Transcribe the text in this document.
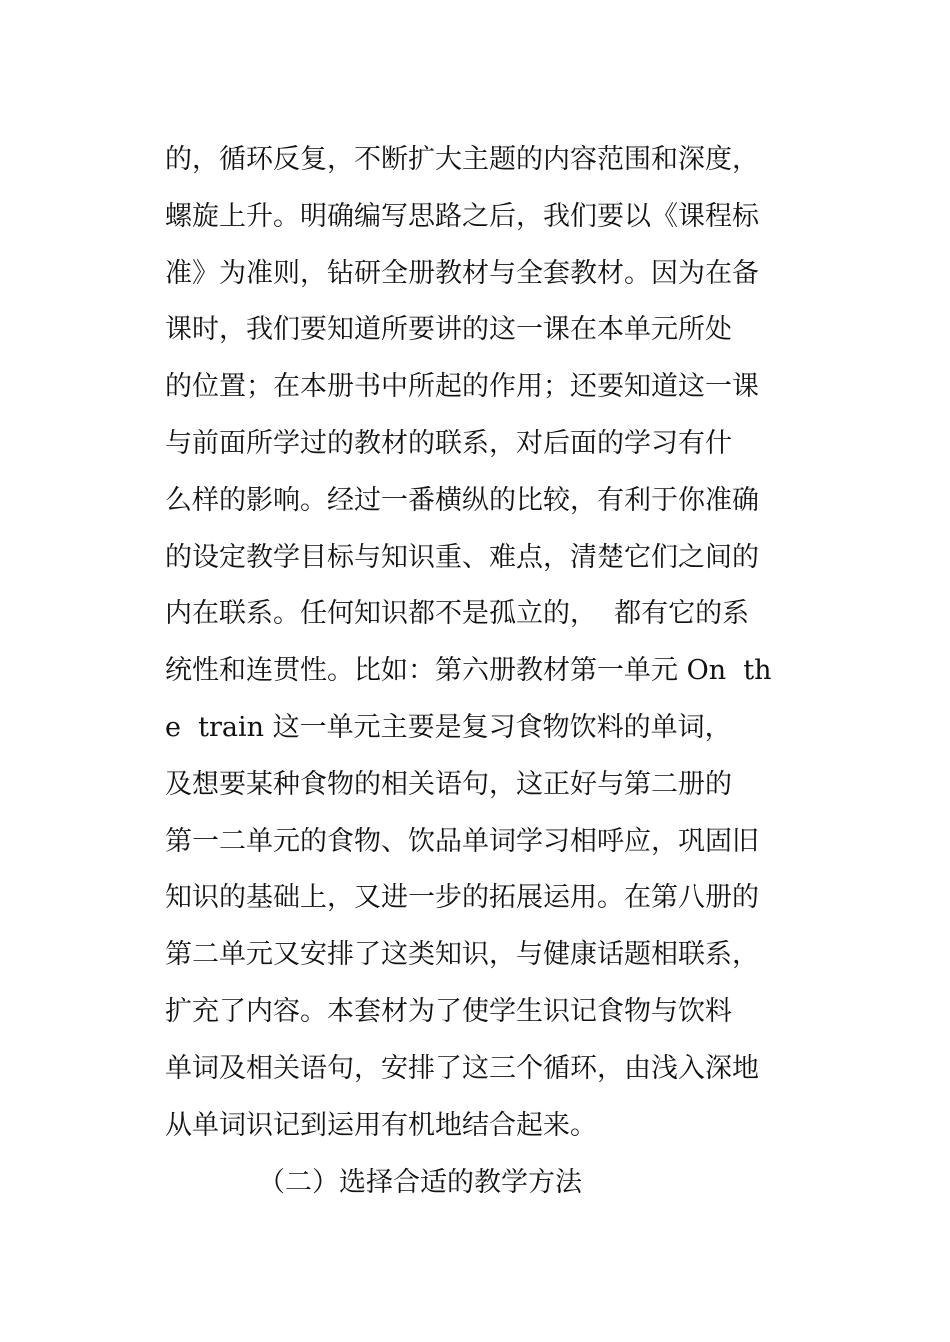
的，循环反复，不断扩大主题的内容范围和深度，
螺旋上升。明确编写思路之后，我们要以《课程标
准》为准则，钻研全册教材与全套教材。因为在备
课时，我们要知道所要讲的这一课在本单元所处
的位置；在本册书中所起的作用；还要知道这一课
与前面所学过的教材的联系，对后面的学习有什
么样的影响。经过一番横纵的比较，有利于你准确
的设定教学目标与知识重、难点，清楚它们之间的
内在联系。任何知识都不是孤立的，  都有它的系
统性和连贯性。比如：第六册教材第一单元 On  th
e  train 这一单元主要是复习食物饮料的单词，
及想要某种食物的相关语句，这正好与第二册的
第一二单元的食物、饮品单词学习相呼应，巩固旧
知识的基础上，又进一步的拓展运用。在第八册的
第二单元又安排了这类知识，与健康话题相联系，
扩充了内容。本套材为了使学生识记食物与饮料
单词及相关语句，安排了这三个循环，由浅入深地
从单词识记到运用有机地结合起来。
（二）选择合适的教学方法
